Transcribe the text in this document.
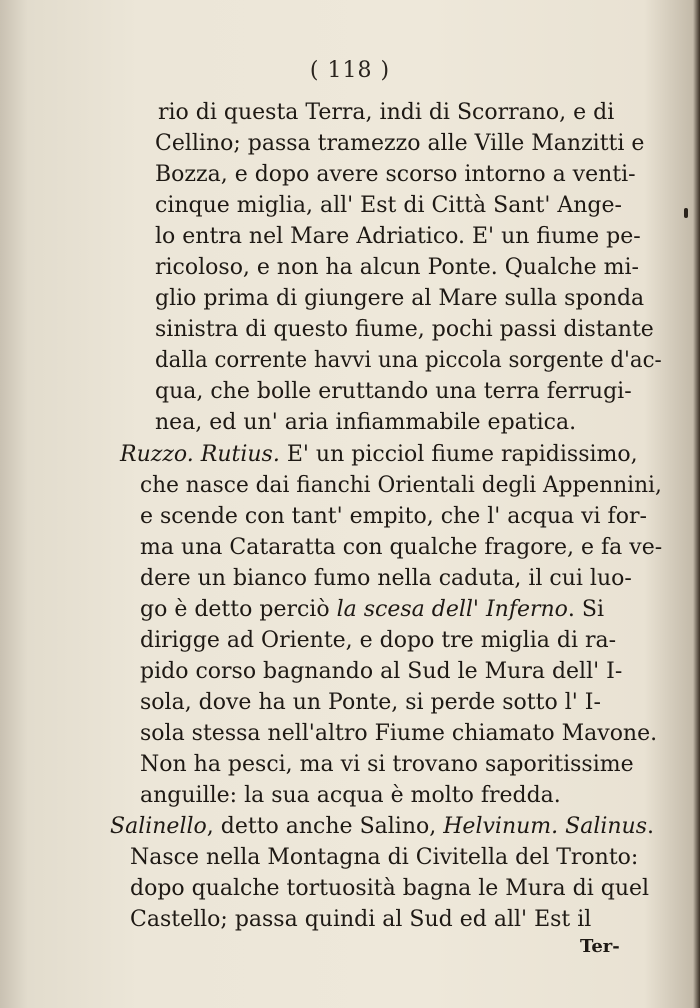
( 118 )
rio di questa Terra, indi di Scorrano, e di
Cellino; passa tramezzo alle Ville Manzitti e
Bozza, e dopo avere scorso intorno a venti-
cinque miglia, all' Est di Città Sant' Ange-
lo entra nel Mare Adriatico. E' un fiume pe-
ricoloso, e non ha alcun Ponte. Qualche mi-
glio prima di giungere al Mare sulla sponda
sinistra di questo fiume, pochi passi distante
dalla corrente havvi una piccola sorgente d'ac-
qua, che bolle eruttando una terra ferrugi-
nea, ed un' aria infiammabile epatica.
Ruzzo. Rutius. E' un picciol fiume rapidissimo,
che nasce dai fianchi Orientali degli Appennini,
e scende con tant' empito, che l' acqua vi for-
ma una Cataratta con qualche fragore, e fa ve-
dere un bianco fumo nella caduta, il cui luo-
go è detto perciò la scesa dell' Inferno. Si
dirigge ad Oriente, e dopo tre miglia di ra-
pido corso bagnando al Sud le Mura dell' I-
sola, dove ha un Ponte, si perde sotto l' I-
sola stessa nell'altro Fiume chiamato Mavone.
Non ha pesci, ma vi si trovano saporitissime
anguille: la sua acqua è molto fredda.
Salinello, detto anche Salino, Helvinum. Salinus.
Nasce nella Montagna di Civitella del Tronto:
dopo qualche tortuosità bagna le Mura di quel
Castello; passa quindi al Sud ed all' Est il
Ter-
